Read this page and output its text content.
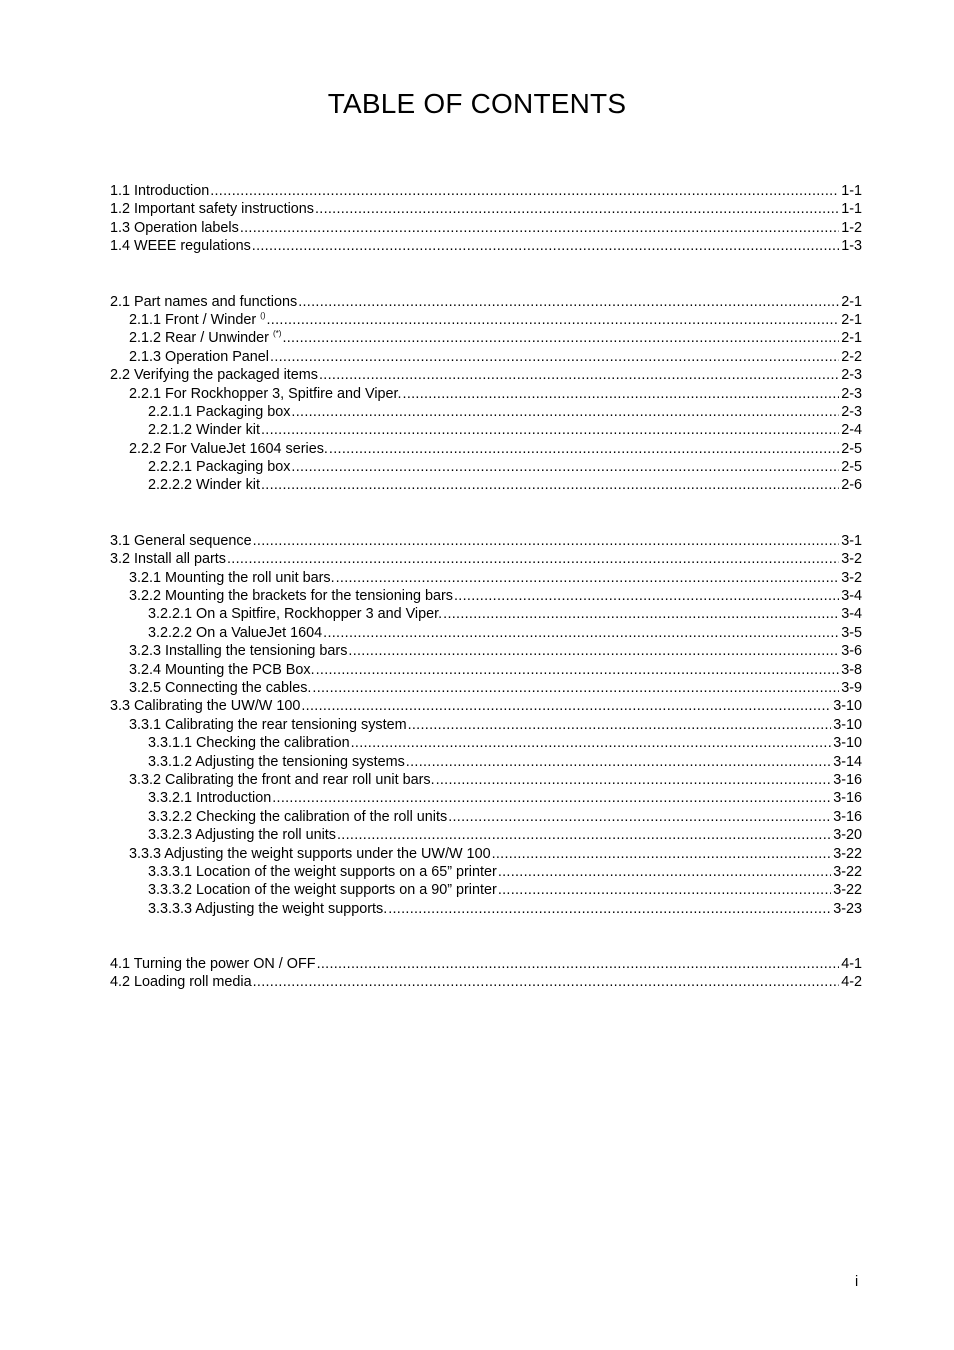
TABLE OF CONTENTS
1.1 Introduction .....	1-1
1.2 Important safety instructions .....	1-1
1.3 Operation labels .....	1-2
1.4 WEEE regulations .....	1-3
2.1 Part names and functions .....	2-1
2.1.1 Front / Winder () .....	2-1
2.1.2 Rear / Unwinder (*) .....	2-1
2.1.3 Operation Panel .....	2-2
2.2 Verifying the packaged items .....	2-3
2.2.1 For Rockhopper 3, Spitfire and Viper. .....	2-3
2.2.1.1 Packaging box .....	2-3
2.2.1.2 Winder kit .....	2-4
2.2.2 For ValueJet 1604 series. .....	2-5
2.2.2.1 Packaging box .....	2-5
2.2.2.2 Winder kit .....	2-6
3.1 General sequence .....	3-1
3.2 Install all parts .....	3-2
3.2.1 Mounting the roll unit bars. .....	3-2
3.2.2 Mounting the brackets for the tensioning bars .....	3-4
3.2.2.1 On a Spitfire, Rockhopper 3 and Viper. .....	3-4
3.2.2.2 On a ValueJet 1604 .....	3-5
3.2.3 Installing the tensioning bars .....	3-6
3.2.4 Mounting the PCB Box. .....	3-8
3.2.5 Connecting the cables. .....	3-9
3.3 Calibrating the UW/W 100 .....	3-10
3.3.1 Calibrating the rear tensioning system .....	3-10
3.3.1.1 Checking the calibration .....	3-10
3.3.1.2 Adjusting the tensioning systems .....	3-14
3.3.2 Calibrating the front and rear roll unit bars. .....	3-16
3.3.2.1 Introduction .....	3-16
3.3.2.2 Checking the calibration of the roll units .....	3-16
3.3.2.3 Adjusting the roll units .....	3-20
3.3.3 Adjusting the weight supports under the UW/W 100 .....	3-22
3.3.3.1 Location of the weight supports on a 65” printer .....	3-22
3.3.3.2 Location of the weight supports on a 90” printer .....	3-22
3.3.3.3 Adjusting the weight supports. .....	3-23
4.1 Turning the power ON / OFF .....	4-1
4.2 Loading roll media .....	4-2
i
